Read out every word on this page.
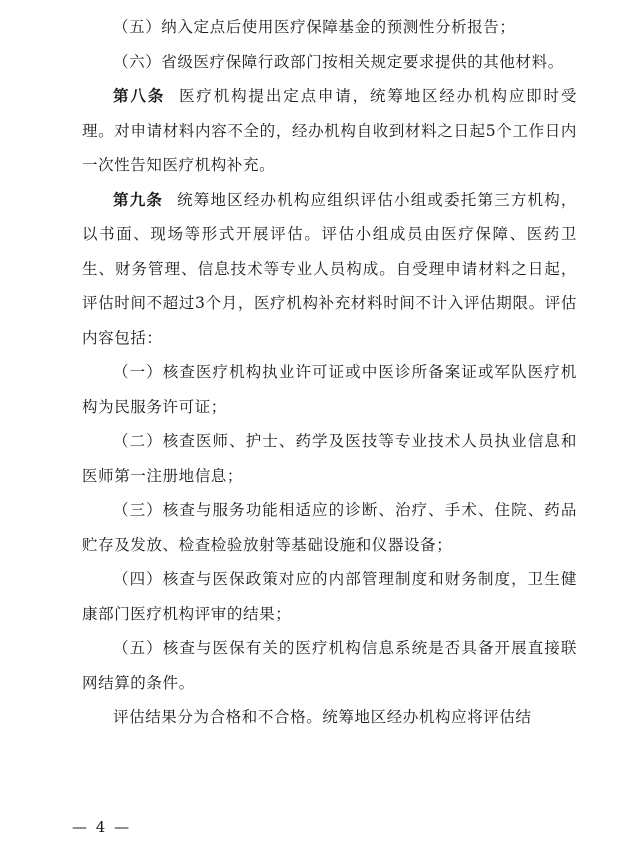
（五）纳入定点后使用医疗保障基金的预测性分析报告；

（六）省级医疗保障行政部门按相关规定要求提供的其他材料。

第八条 医疗机构提出定点申请，统筹地区经办机构应即时受理。对申请材料内容不全的，经办机构自收到材料之日起5个工作日内一次性告知医疗机构补充。

第九条 统筹地区经办机构应组织评估小组或委托第三方机构，以书面、现场等形式开展评估。评估小组成员由医疗保障、医药卫生、财务管理、信息技术等专业人员构成。自受理申请材料之日起，评估时间不超过3个月，医疗机构补充材料时间不计入评估期限。评估内容包括：

（一）核查医疗机构执业许可证或中医诊所备案证或军队医疗机构为民服务许可证；

（二）核查医师、护士、药学及医技等专业技术人员执业信息和医师第一注册地信息；

（三）核查与服务功能相适应的诊断、治疗、手术、住院、药品贮存及发放、检查检验放射等基础设施和仪器设备；

（四）核查与医保政策对应的内部管理制度和财务制度，卫生健康部门医疗机构评审的结果；

（五）核查与医保有关的医疗机构信息系统是否具备开展直接联网结算的条件。

评估结果分为合格和不合格。统筹地区经办机构应将评估结

— 4 —
